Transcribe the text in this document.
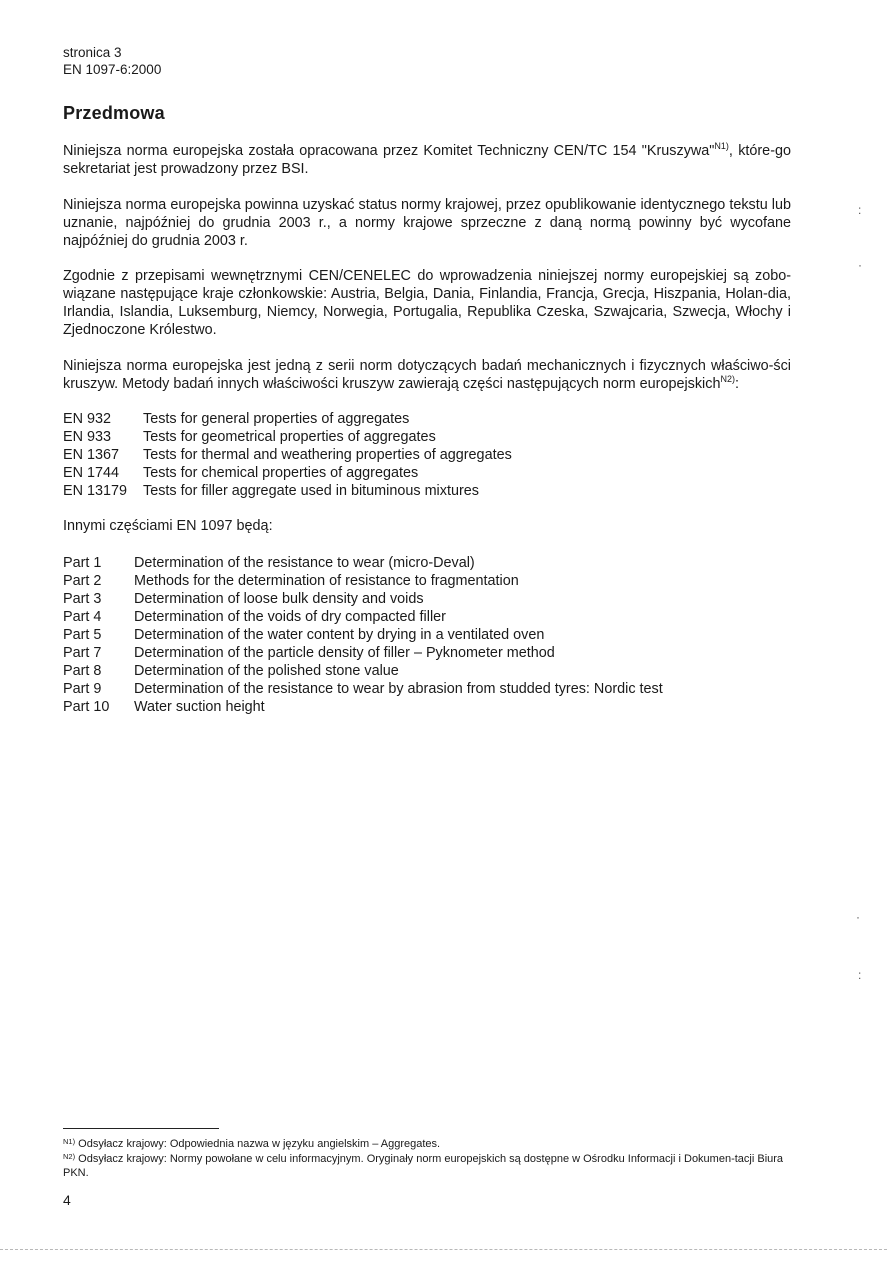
stronica 3
EN 1097-6:2000
Przedmowa

Niniejsza norma europejska została opracowana przez Komitet Techniczny CEN/TC 154 "Kruszywa"$^{N1)}$, które-go sekretariat jest prowadzony przez BSI.

Niniejsza norma europejska powinna uzyskać status normy krajowej, przez opublikowanie identycznego tekstu lub uznanie, najpóźniej do grudnia 2003 r., a normy krajowe sprzeczne z daną normą powinny być wycofane najpóźniej do grudnia 2003 r.

Zgodnie z przepisami wewnętrznymi CEN/CENELEC do wprowadzenia niniejszej normy europejskiej są zobo-wiązane następujące kraje członkowskie: Austria, Belgia, Dania, Finlandia, Francja, Grecja, Hiszpania, Holan-dia, Irlandia, Islandia, Luksemburg, Niemcy, Norwegia, Portugalia, Republika Czeska, Szwajcaria, Szwecja, Włochy i Zjednoczone Królestwo.

Niniejsza norma europejska jest jedną z serii norm dotyczących badań mechanicznych i fizycznych właściwo-ści kruszyw. Metody badań innych właściwości kruszyw zawierają części następujących norm europejskich$^{N2)}$:

EN 932	Tests for general properties of aggregates
EN 933	Tests for geometrical properties of aggregates
EN 1367	Tests for thermal and weathering properties of aggregates
EN 1744	Tests for chemical properties of aggregates
EN 13179	Tests for filler aggregate used in bituminous mixtures
Innymi częściami EN 1097 będą:
Part 1	Determination of the resistance to wear (micro-Deval)
Part 2	Methods for the determination of resistance to fragmentation
Part 3	Determination of loose bulk density and voids
Part 4	Determination of the voids of dry compacted filler
Part 5	Determination of the water content by drying in a ventilated oven
Part 7	Determination of the particle density of filler – Pyknometer method
Part 8	Determination of the polished stone value
Part 9	Determination of the resistance to wear by abrasion from studded tyres: Nordic test
Part 10	Water suction height
$^{N1)}$ Odsyłacz krajowy: Odpowiednia nazwa w języku angielskim – Aggregates.
$^{N2)}$ Odsyłacz krajowy: Normy powołane w celu informacyjnym. Oryginały norm europejskich są dostępne w Ośrodku Informacji i Dokumen-tacji Biura PKN.
4
:
·
·
:
